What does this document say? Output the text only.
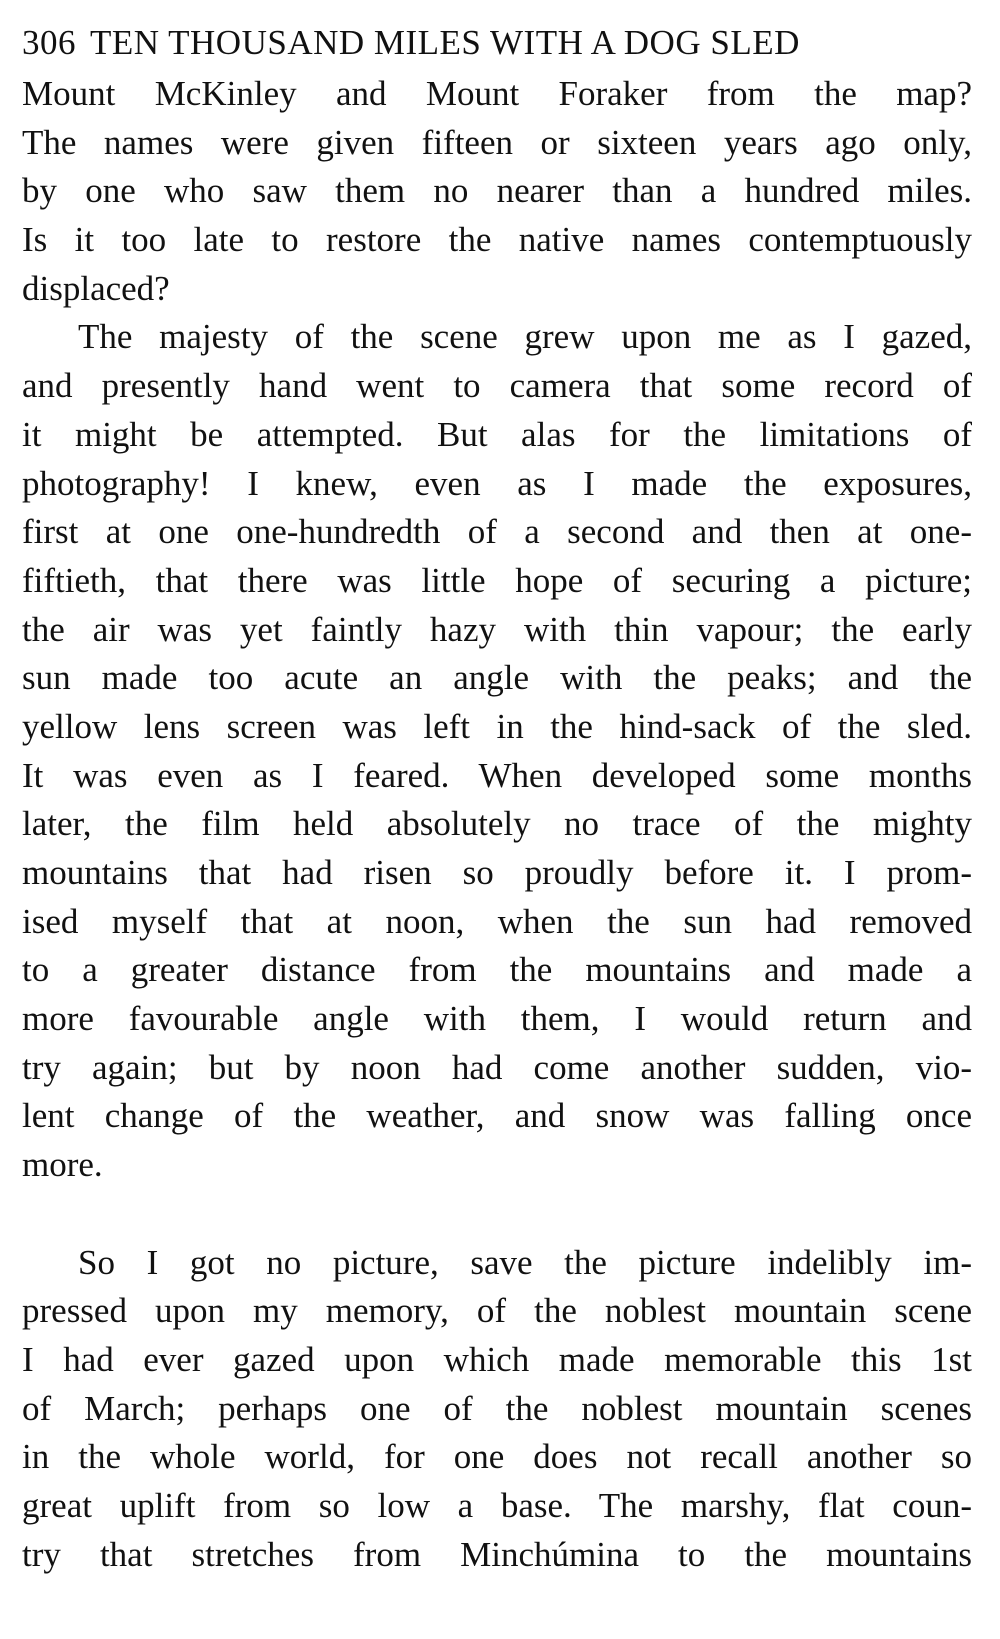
306 TEN THOUSAND MILES WITH A DOG SLED
Mount McKinley and Mount Foraker from the map?
The names were given fifteen or sixteen years ago only,
by one who saw them no nearer than a hundred miles.
Is it too late to restore the native names contemptuously
displaced?
The majesty of the scene grew upon me as I gazed,
and presently hand went to camera that some record of
it might be attempted. But alas for the limitations of
photography! I knew, even as I made the exposures,
first at one one-hundredth of a second and then at one-
fiftieth, that there was little hope of securing a picture;
the air was yet faintly hazy with thin vapour; the early
sun made too acute an angle with the peaks; and the
yellow lens screen was left in the hind-sack of the sled.
It was even as I feared. When developed some months
later, the film held absolutely no trace of the mighty
mountains that had risen so proudly before it. I prom-
ised myself that at noon, when the sun had removed
to a greater distance from the mountains and made a
more favourable angle with them, I would return and
try again; but by noon had come another sudden, vio-
lent change of the weather, and snow was falling once
more.
So I got no picture, save the picture indelibly im-
pressed upon my memory, of the noblest mountain scene
I had ever gazed upon which made memorable this 1st
of March; perhaps one of the noblest mountain scenes
in the whole world, for one does not recall another so
great uplift from so low a base. The marshy, flat coun-
try that stretches from Minchúmina to the mountains
